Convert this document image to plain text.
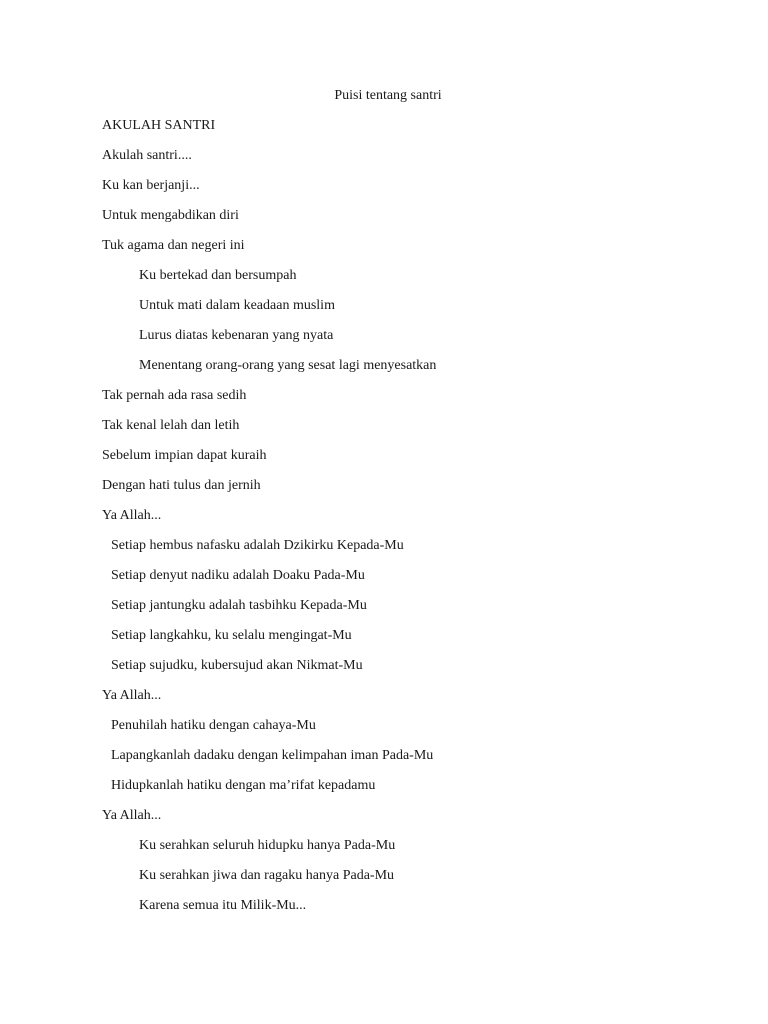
Puisi tentang santri
AKULAH SANTRI
Akulah santri....
Ku kan berjanji...
Untuk mengabdikan diri
Tuk agama dan negeri ini
Ku bertekad dan bersumpah
Untuk mati dalam keadaan muslim
Lurus diatas kebenaran yang nyata
Menentang orang-orang yang sesat lagi menyesatkan
Tak pernah ada rasa sedih
Tak kenal lelah dan letih
Sebelum impian dapat kuraih
Dengan hati tulus dan jernih
Ya Allah...
Setiap hembus nafasku adalah Dzikirku Kepada-Mu
Setiap denyut nadiku adalah Doaku Pada-Mu
Setiap jantungku adalah tasbihku Kepada-Mu
Setiap langkahku, ku selalu mengingat-Mu
Setiap sujudku, kubersujud akan Nikmat-Mu
Ya Allah...
Penuhilah hatiku dengan cahaya-Mu
Lapangkanlah dadaku dengan kelimpahan iman Pada-Mu
Hidupkanlah hatiku dengan ma’rifat kepadamu
Ya Allah...
Ku serahkan seluruh hidupku hanya Pada-Mu
Ku serahkan jiwa dan ragaku hanya Pada-Mu
Karena semua itu Milik-Mu...
